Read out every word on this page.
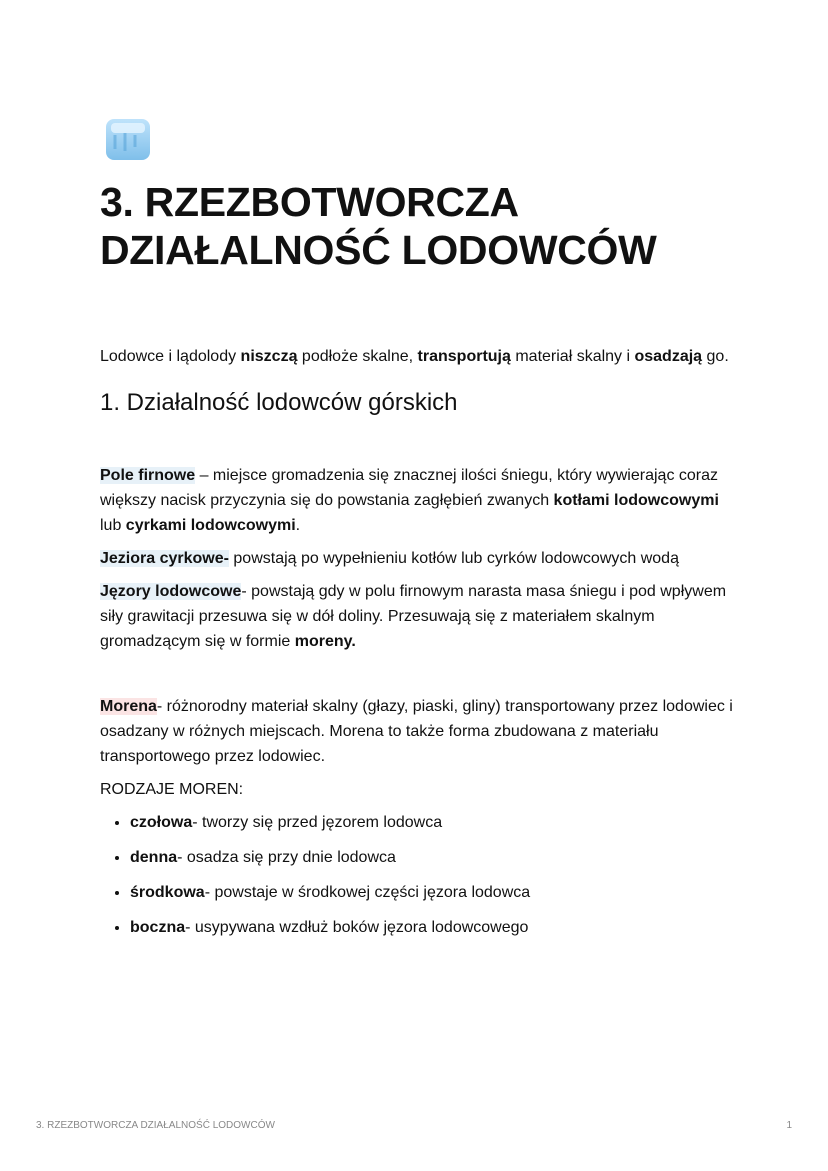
3. RZEZBOTWORCZA
DZIAŁALNOŚĆ LODOWCÓW

Lodowce i lądolody niszczą podłoże skalne, transportują materiał skalny i osadzają go.

1. Działalność lodowców górskich

Pole firnowe – miejsce gromadzenia się znacznej ilości śniegu, który wywierając coraz większy nacisk przyczynia się do powstania zagłębień zwanych kotłami lodowcowymi lub cyrkami lodowcowymi.

Jeziora cyrkowe- powstają po wypełnieniu kotłów lub cyrków lodowcowych wodą

Jęzory lodowcowe- powstają gdy w polu firnowym narasta masa śniegu i pod wpływem siły grawitacji przesuwa się w dół doliny. Przesuwają się z materiałem skalnym gromadzącym się w formie moreny.

Morena- różnorodny materiał skalny (głazy, piaski, gliny) transportowany przez lodowiec i osadzany w różnych miejscach. Morena to także forma zbudowana z materiału transportowego przez lodowiec.

RODZAJE MOREN:

• czołowa- tworzy się przed jęzorem lodowca
• denna- osadza się przy dnie lodowca
• środkowa- powstaje w środkowej części jęzora lodowca
• boczna- usypywana wzdłuż boków jęzora lodowcowego
3. RZEZBOTWORCZA DZIAŁALNOŚĆ LODOWCÓW	1
